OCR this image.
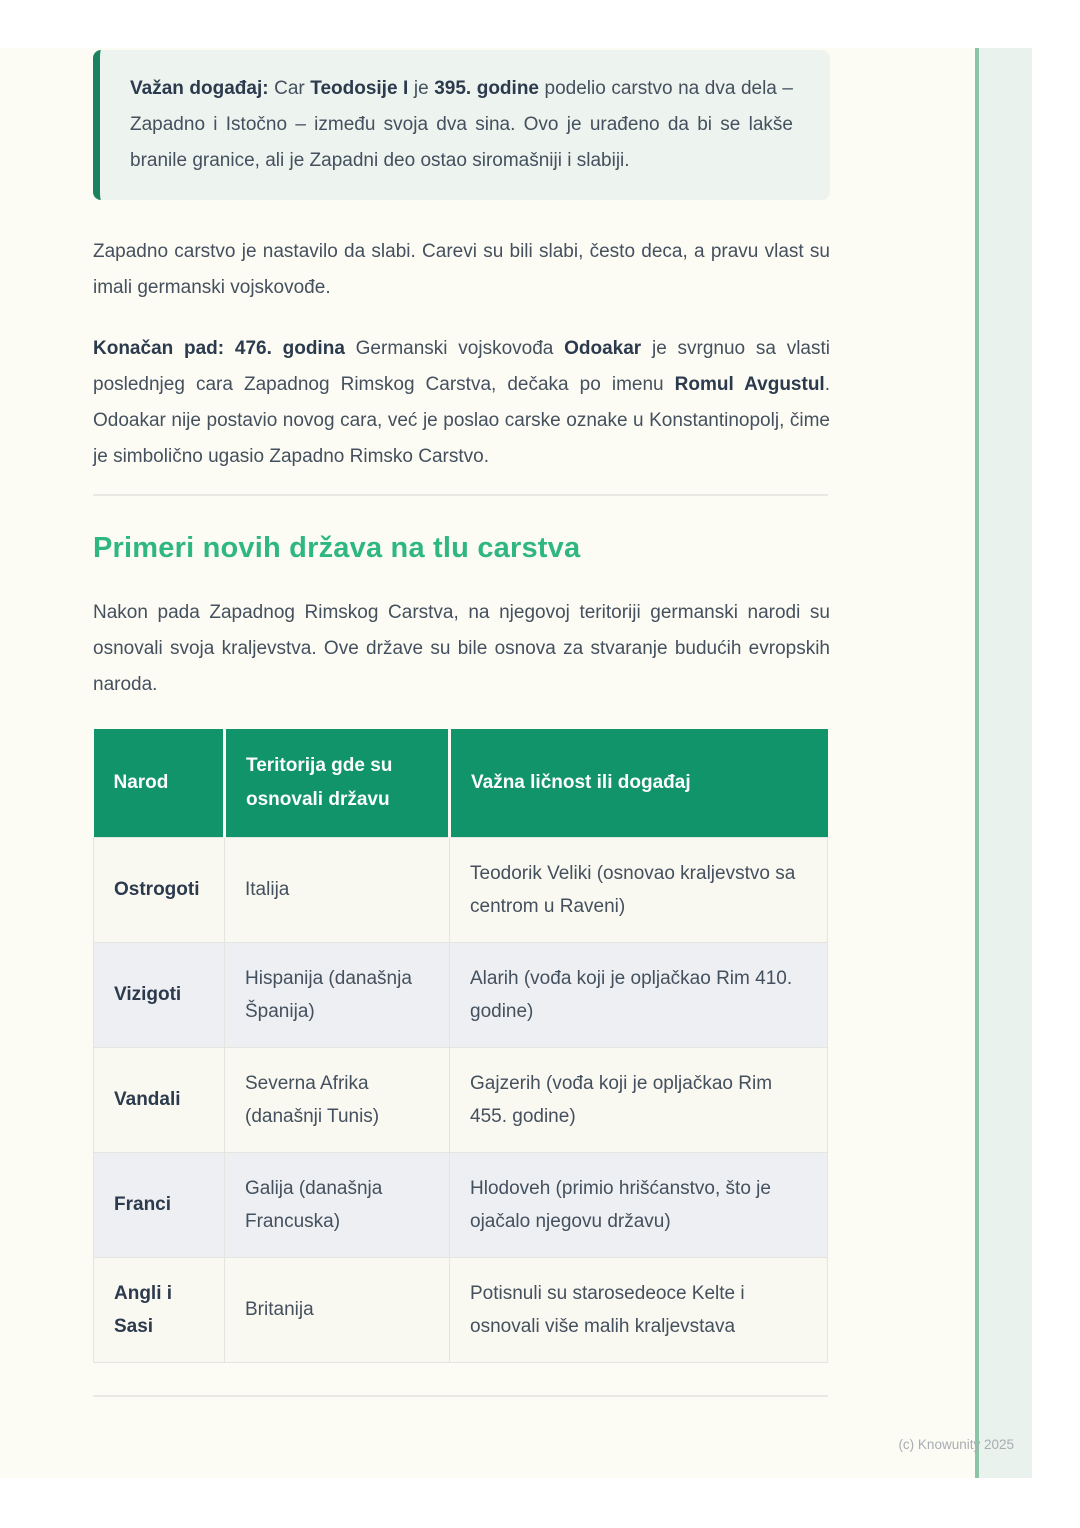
Važan događaj: Car Teodosije I je 395. godine podelio carstvo na dva dela – Zapadno i Istočno – između svoja dva sina. Ovo je urađeno da bi se lakše branile granice, ali je Zapadni deo ostao siromašniji i slabiji.

Zapadno carstvo je nastavilo da slabi. Carevi su bili slabi, često deca, a pravu vlast su imali germanski vojskovođe.

Konačan pad: 476. godina Germanski vojskovođa Odoakar je svrgnuo sa vlasti poslednjeg cara Zapadnog Rimskog Carstva, dečaka po imenu Romul Avgustul. Odoakar nije postavio novog cara, već je poslao carske oznake u Konstantinopolj, čime je simbolično ugasio Zapadno Rimsko Carstvo.

Primeri novih država na tlu carstva

Nakon pada Zapadnog Rimskog Carstva, na njegovoj teritoriji germanski narodi su osnovali svoja kraljevstva. Ove države su bile osnova za stvaranje budućih evropskih naroda.

Narod	Teritorija gde su osnovali državu	Važna ličnost ili događaj
Ostrogoti	Italija	Teodorik Veliki (osnovao kraljevstvo sa centrom u Raveni)
Vizigoti	Hispanija (današnja Španija)	Alarih (vođa koji je opljačkao Rim 410. godine)
Vandali	Severna Afrika (današnji Tunis)	Gajzerih (vođa koji je opljačkao Rim 455. godine)
Franci	Galija (današnja Francuska)	Hlodoveh (primio hrišćanstvo, što je ojačalo njegovu državu)
Angli i Sasi	Britanija	Potisnuli su starosedeoce Kelte i osnovali više malih kraljevstava
(c) Knowunity 2025
